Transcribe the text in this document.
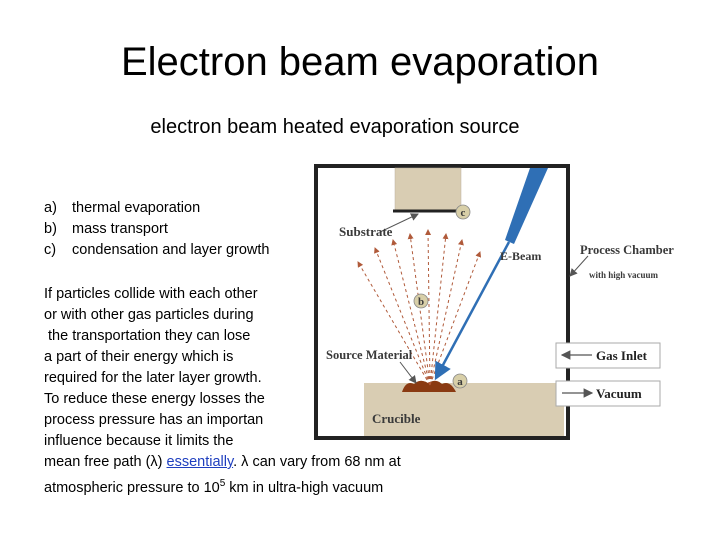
Electron beam evaporation
electron beam heated evaporation source
a) thermal evaporation
b) mass transport
c) condensation and layer growth
If particles collide with each other
or with other gas particles during
the transportation they can lose
a part of their energy which is
required for the later layer growth.
To reduce these energy losses the
process pressure has an importan
influence because it limits the
mean free path (λ) essentially. λ can vary from 68 nm at
atmospheric pressure to $10^5$ km in ultra-high vacuum
c
b
a
Substrate
E-Beam
Source Material
Crucible
Process Chamber
with high vacuum
Gas Inlet
Vacuum
